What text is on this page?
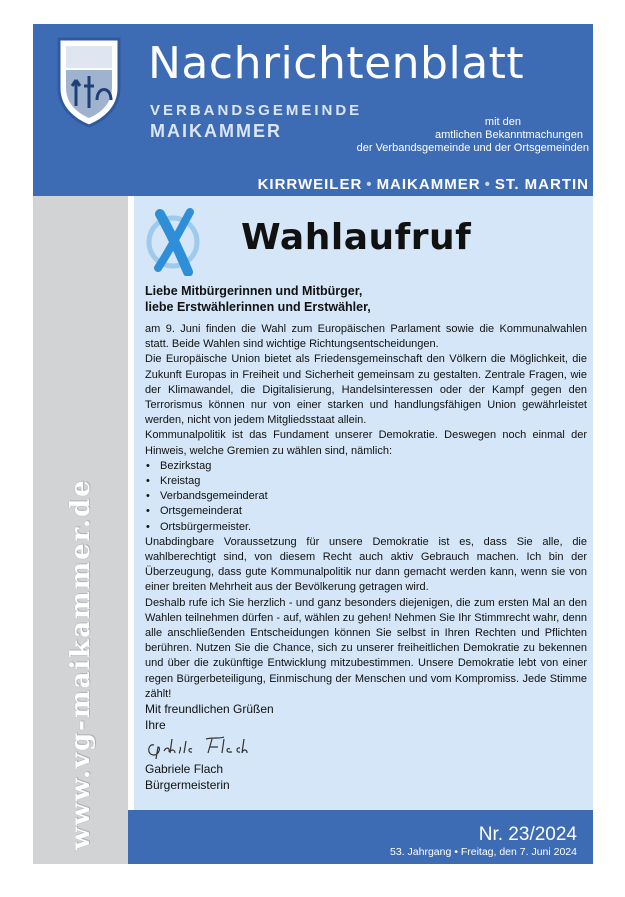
www.vg-maikammer.de
Nachrichtenblatt
VERBANDSGEMEINDE
MAIKAMMER	mit den
amtlichen Bekanntmachungen
der Verbandsgemeinde und der Ortsgemeinden
KIRRWEILER • MAIKAMMER • ST. MARTIN
Wahlaufruf
Liebe Mitbürgerinnen und Mitbürger,
liebe Erstwählerinnen und Erstwähler,

am 9. Juni finden die Wahl zum Europäischen Parlament sowie die Kommunalwahlen statt. Beide Wahlen sind wichtige Richtungsentscheidungen.

Die Europäische Union bietet als Friedensgemeinschaft den Völkern die Möglichkeit, die Zukunft Europas in Freiheit und Sicherheit gemeinsam zu gestalten. Zentrale Fragen, wie der Klimawandel, die Digitalisierung, Handelsinteressen oder der Kampf gegen den Terrorismus können nur von einer starken und handlungsfähigen Union gewährleistet werden, nicht von jedem Mitgliedsstaat allein.

Kommunalpolitik ist das Fundament unserer Demokratie. Deswegen noch einmal der Hinweis, welche Gremien zu wählen sind, nämlich:

• Bezirkstag
• Kreistag
• Verbandsgemeinderat
• Ortsgemeinderat
• Ortsbürgermeister.

Unabdingbare Voraussetzung für unsere Demokratie ist es, dass Sie alle, die wahlberechtigt sind, von diesem Recht auch aktiv Gebrauch machen. Ich bin der Überzeugung, dass gute Kommunalpolitik nur dann gemacht werden kann, wenn sie von einer breiten Mehrheit aus der Bevölkerung getragen wird.

Deshalb rufe ich Sie herzlich - und ganz besonders diejenigen, die zum ersten Mal an den Wahlen teilnehmen dürfen - auf, wählen zu gehen! Nehmen Sie Ihr Stimmrecht wahr, denn alle anschließenden Entscheidungen können Sie selbst in Ihren Rechten und Pflichten berühren. Nutzen Sie die Chance, sich zu unserer freiheitlichen Demokratie zu bekennen und über die zukünftige Entwicklung mitzubestimmen. Unsere Demokratie lebt von einer regen Bürgerbeteiligung, Einmischung der Menschen und vom Kompromiss. Jede Stimme zählt!

Mit freundlichen Grüßen
Ihre
Gabriele Flach
Bürgermeisterin
Nr. 23/2024
53. Jahrgang • Freitag, den 7. Juni 2024
